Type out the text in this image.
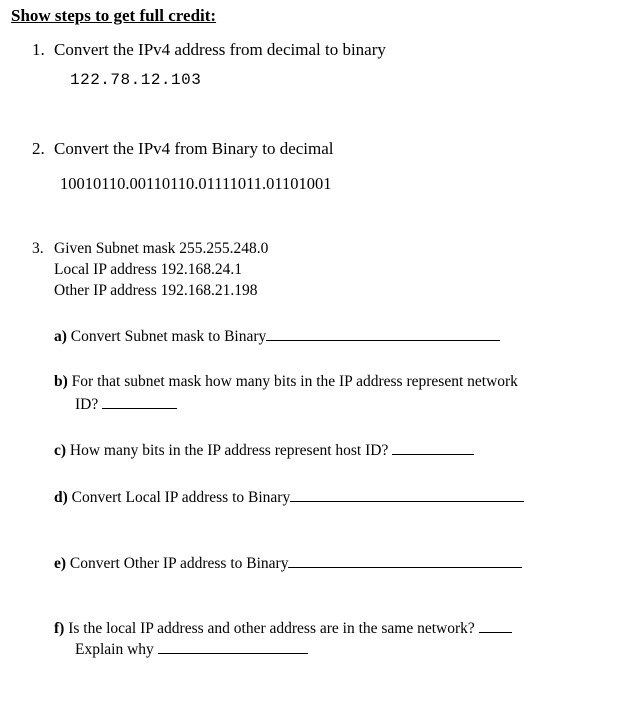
Show steps to get full credit:
1. Convert the IPv4 address from decimal to binary
122.78.12.103
2. Convert the IPv4 from Binary to decimal
10010110.00110110.01111011.01101001
3. Given Subnet mask 255.255.248.0
Local IP address 192.168.24.1
Other IP address 192.168.21.198
a) Convert Subnet mask to Binary
b) For that subnet mask how many bits in the IP address represent network
ID?
c) How many bits in the IP address represent host ID?
d) Convert Local IP address to Binary
e) Convert Other IP address to Binary
f) Is the local IP address and other address are in the same network?
Explain why
